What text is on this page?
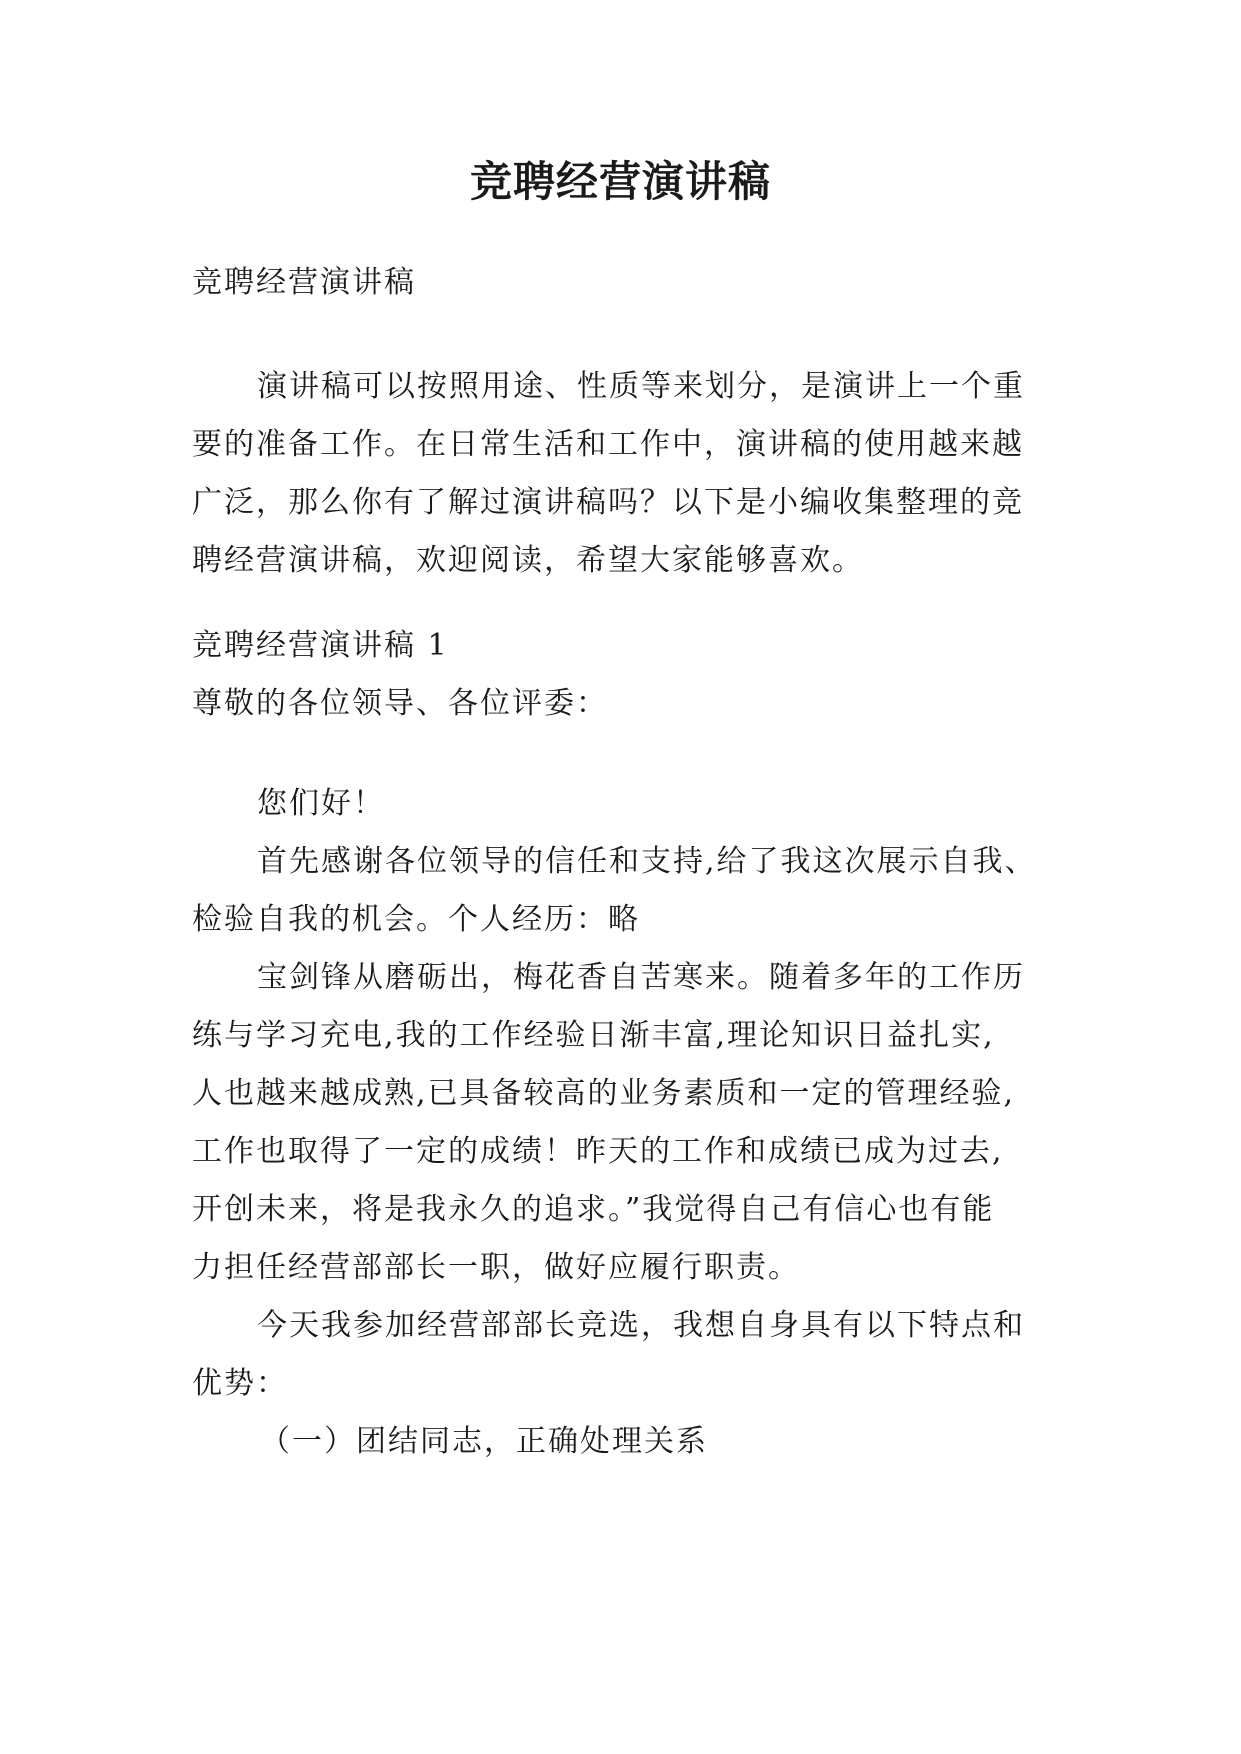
竞聘经营演讲稿
竞聘经营演讲稿
演讲稿可以按照用途、性质等来划分，是演讲上一个重
要的准备工作。在日常生活和工作中，演讲稿的使用越来越
广泛，那么你有了解过演讲稿吗？以下是小编收集整理的竞
聘经营演讲稿，欢迎阅读，希望大家能够喜欢。
竞聘经营演讲稿 1
尊敬的各位领导、各位评委：
您们好！
首先感谢各位领导的信任和支持,给了我这次展示自我、
检验自我的机会。个人经历：略
宝剑锋从磨砺出，梅花香自苦寒来。随着多年的工作历
练与学习充电,我的工作经验日渐丰富,理论知识日益扎实,
人也越来越成熟,已具备较高的业务素质和一定的管理经验,
工作也取得了一定的成绩！昨天的工作和成绩已成为过去,
开创未来，将是我永久的追求。”我觉得自己有信心也有能
力担任经营部部长一职，做好应履行职责。
今天我参加经营部部长竞选，我想自身具有以下特点和
优势：
（一）团结同志，正确处理关系
